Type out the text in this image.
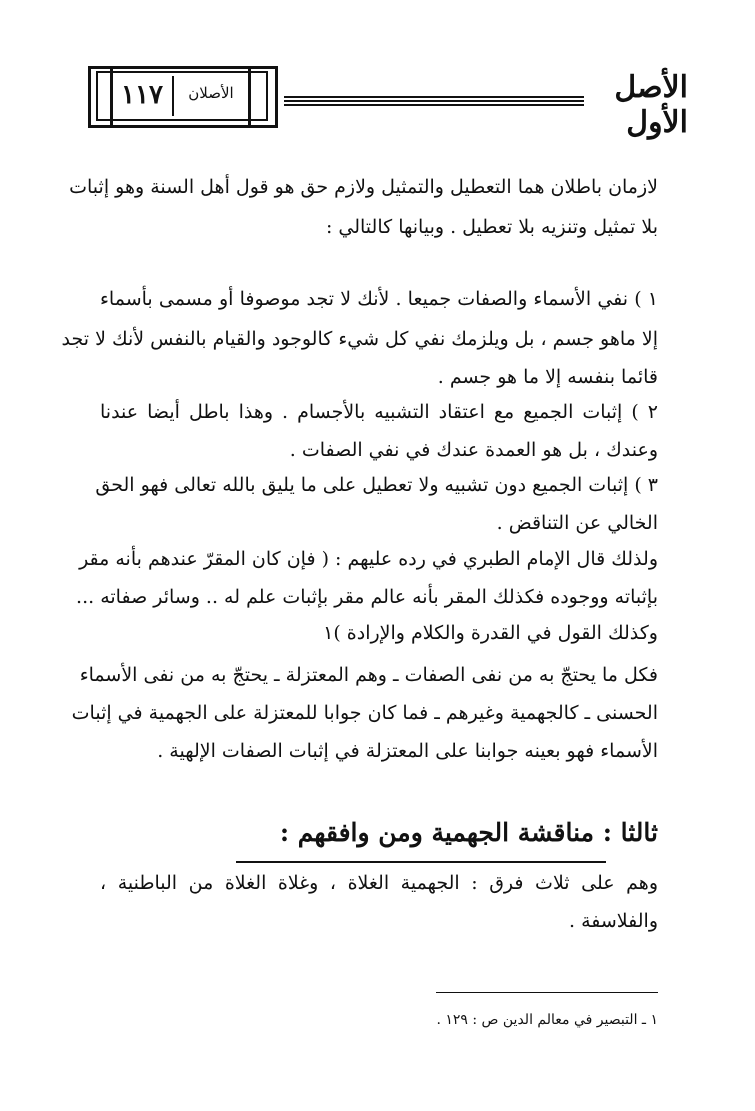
١١٧	الأصلان	الأصل الأول
لازمان باطلان هما التعطيل والتمثيل ولازم حق هو قول أهل السنة وهو إثبات
بلا تمثيل وتنزيه بلا تعطيل . وبيانها كالتالي :
١ ) نفي الأسماء والصفات جميعا . لأنك لا تجد موصوفا أو مسمى بأسماء
إلا ماهو جسم ، بل ويلزمك نفي كل شيء كالوجود والقيام بالنفس لأنك لا تجد
قائما بنفسه إلا ما هو جسم .
٢ ) إثبات الجميع مع اعتقاد التشبيه بالأجسام . وهذا باطل أيضا عندنا
وعندك ، بل هو العمدة عندك في نفي الصفات .
٣ ) إثبات الجميع دون تشبيه ولا تعطيل على ما يليق بالله تعالى فهو الحق
الخالي عن التناقض .
ولذلك قال الإمام الطبري في رده عليهم : ( فإن كان المقرّ عندهم بأنه مقر
بإثباته ووجوده فكذلك المقر بأنه عالم مقر بإثبات علم له .. وسائر صفاته ...
وكذلك القول في القدرة والكلام والإرادة )١
فكل ما يحتجّ به من نفى الصفات ـ وهم المعتزلة ـ يحتجّ به من نفى الأسماء
الحسنى ـ كالجهمية وغيرهم ـ فما كان جوابا للمعتزلة على الجهمية في إثبات
الأسماء فهو بعينه جوابنا على المعتزلة في إثبات الصفات الإلهية .
ثالثا : مناقشة الجهمية ومن وافقهم :
وهم على ثلاث فرق : الجهمية الغلاة ، وغلاة الغلاة من الباطنية ،
والفلاسفة .
١ ـ التبصير في معالم الدين ص : ١٢٩ .
